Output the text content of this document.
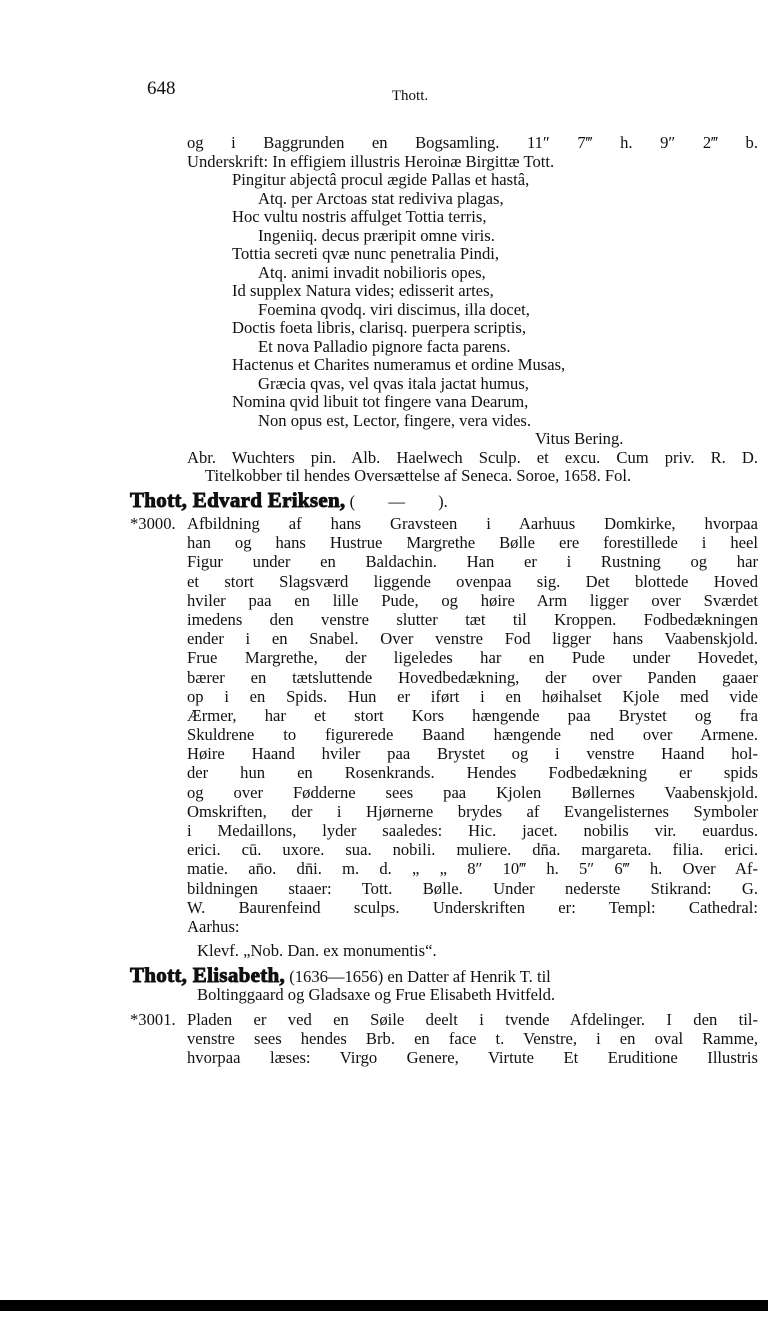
648	Thott.
og i Baggrunden en Bogsamling. 11″ 7‴ h. 9″ 2‴ b.
Underskrift: In effigiem illustris Heroinæ Birgittæ Tott.
Pingitur abjectâ procul ægide Pallas et hastâ,
Atq. per Arctoas stat rediviva plagas,
Hoc vultu nostris affulget Tottia terris,
Ingeniiq. decus præripit omne viris.
Tottia secreti qvæ nunc penetralia Pindi,
Atq. animi invadit nobilioris opes,
Id supplex Natura vides; edisserit artes,
Foemina qvodq. viri discimus, illa docet,
Doctis foeta libris, clarisq. puerpera scriptis,
Et nova Palladio pignore facta parens.
Hactenus et Charites numeramus et ordine Musas,
Græcia qvas, vel qvas itala jactat humus,
Nomina qvid libuit tot fingere vana Dearum,
Non opus est, Lector, fingere, vera vides.
Vitus Bering.
Abr. Wuchters pin. Alb. Haelwech Sculp. et excu. Cum priv. R. D.
Titelkobber til hendes Oversættelse af Seneca. Soroe, 1658. Fol.
Thott, Edvard Eriksen, (  —  ).
*3000. Afbildning af hans Gravsteen i Aarhuus Domkirke, hvorpaa
han og hans Hustrue Margrethe Bølle ere forestillede i heel
Figur under en Baldachin. Han er i Rustning og har
et stort Slagsværd liggende ovenpaa sig. Det blottede Hoved
hviler paa en lille Pude, og høire Arm ligger over Sværdet
imedens den venstre slutter tæt til Kroppen. Fodbedækningen
ender i en Snabel. Over venstre Fod ligger hans Vaabenskjold.
Frue Margrethe, der ligeledes har en Pude under Hovedet,
bærer en tætsluttende Hovedbedækning, der over Panden gaaer
op i en Spids. Hun er iført i en høihalset Kjole med vide
Ærmer, har et stort Kors hængende paa Brystet og fra
Skuldrene to figurerede Baand hængende ned over Armene.
Høire Haand hviler paa Brystet og i venstre Haand hol-
der hun en Rosenkrands. Hendes Fodbedækning er spids
og over Fødderne sees paa Kjolen Bøllernes Vaabenskjold.
Omskriften, der i Hjørnerne brydes af Evangelisternes Symboler
i Medaillons, lyder saaledes: Hic. jacet. nobilis vir. euardus.
erici. cū. uxore. sua. nobili. muliere. dn̄a. margareta. filia. erici.
matie. an̄o. dn̄i. m. d. „ „ 8″ 10‴ h. 5″ 6‴ h. Over Af-
bildningen staaer: Tott. Bølle. Under nederste Stikrand: G.
W. Baurenfeind sculps. Underskriften er: Templ: Cathedral:
Aarhus:
Klevf. „Nob. Dan. ex monumentis“.
Thott, Elisabeth, (1636—1656) en Datter af Henrik T. til
Boltinggaard og Gladsaxe og Frue Elisabeth Hvitfeld.
*3001. Pladen er ved en Søile deelt i tvende Afdelinger. I den til-
venstre sees hendes Brb. en face t. Venstre, i en oval Ramme,
hvorpaa læses: Virgo Genere, Virtute Et Eruditione Illustris
